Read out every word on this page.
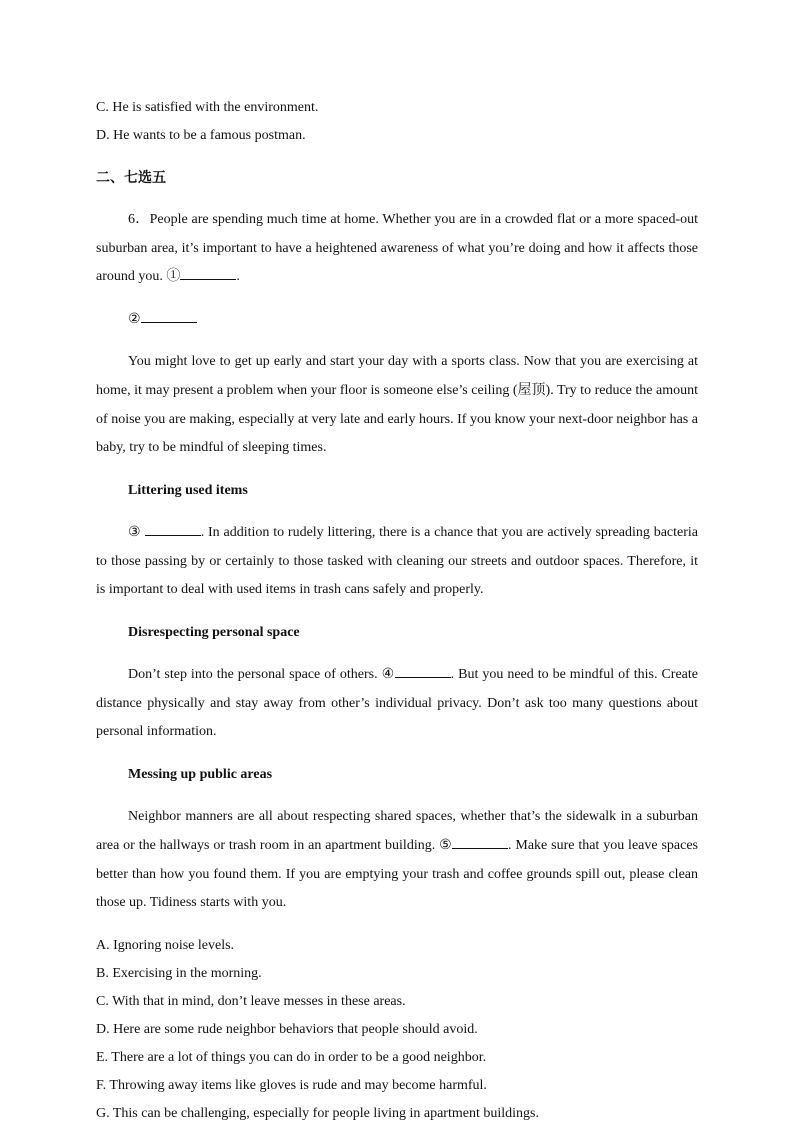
C. He is satisfied with the environment.

D. He wants to be a famous postman.

二、七选五

6．People are spending much time at home. Whether you are in a crowded flat or a more spaced-out suburban area, it’s important to have a heightened awareness of what you’re doing and how it affects those around you. ①	.

②

You might love to get up early and start your day with a sports class. Now that you are exercising at home, it may present a problem when your floor is someone else’s ceiling (屋顶). Try to reduce the amount of noise you are making, especially at very late and early hours. If you know your next-door neighbor has a baby, try to be mindful of sleeping times.

Littering used items

③	. In addition to rudely littering, there is a chance that you are actively spreading bacteria to those passing by or certainly to those tasked with cleaning our streets and outdoor spaces. Therefore, it is important to deal with used items in trash cans safely and properly.

Disrespecting personal space

Don’t step into the personal space of others. ④	. But you need to be mindful of this. Create distance physically and stay away from other’s individual privacy. Don’t ask too many questions about personal information.

Messing up public areas

Neighbor manners are all about respecting shared spaces, whether that’s the sidewalk in a suburban area or the hallways or trash room in an apartment building. ⑤	. Make sure that you leave spaces better than how you found them. If you are emptying your trash and coffee grounds spill out, please clean those up. Tidiness starts with you.

A. Ignoring noise levels.

B. Exercising in the morning.

C. With that in mind, don’t leave messes in these areas.

D. Here are some rude neighbor behaviors that people should avoid.

E. There are a lot of things you can do in order to be a good neighbor.

F. Throwing away items like gloves is rude and may become harmful.

G. This can be challenging, especially for people living in apartment buildings.
